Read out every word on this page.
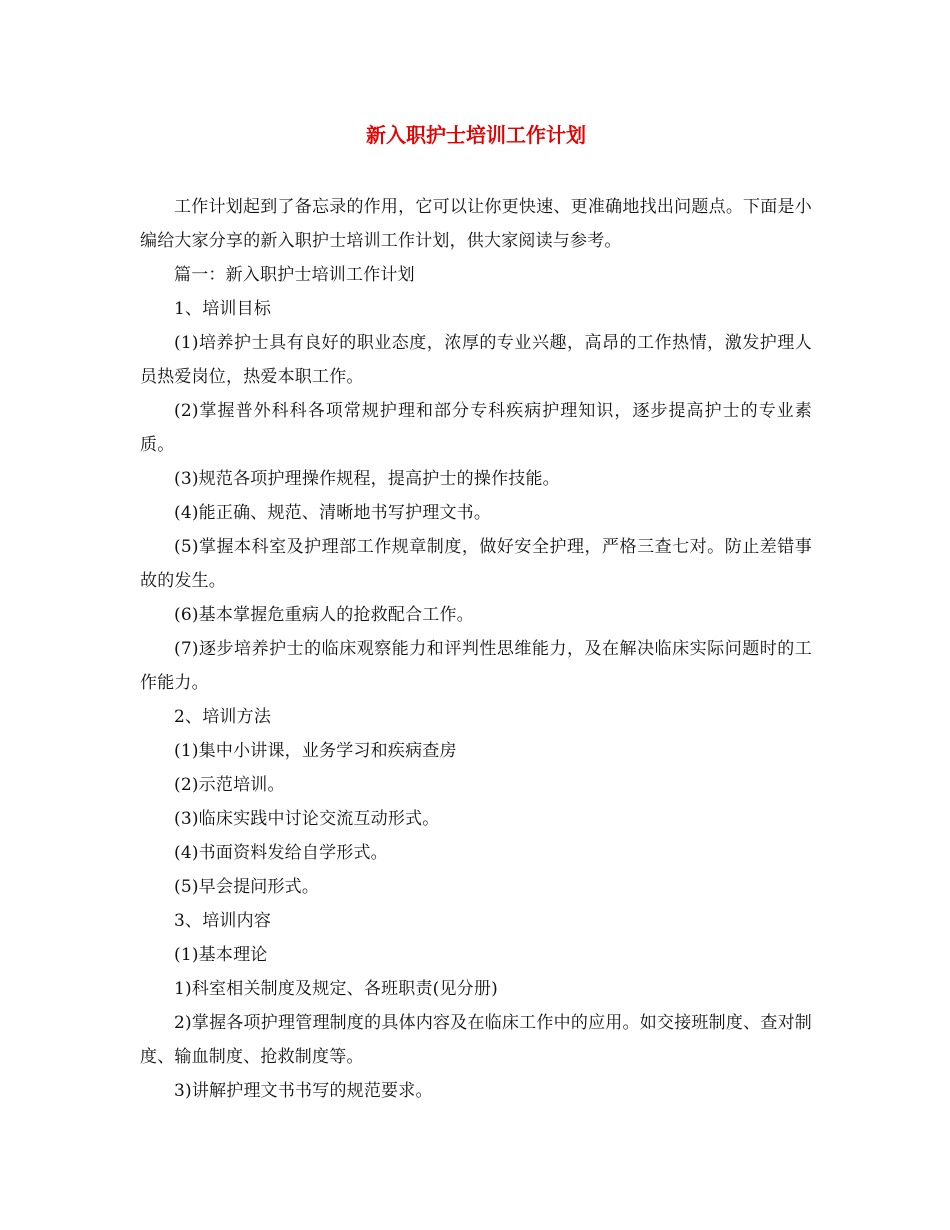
新入职护士培训工作计划

工作计划起到了备忘录的作用，它可以让你更快速、更准确地找出问题点。下面是小编给大家分享的新入职护士培训工作计划，供大家阅读与参考。

篇一：新入职护士培训工作计划

1、培训目标

(1)培养护士具有良好的职业态度，浓厚的专业兴趣，高昂的工作热情，激发护理人员热爱岗位，热爱本职工作。

(2)掌握普外科科各项常规护理和部分专科疾病护理知识，逐步提高护士的专业素质。

(3)规范各项护理操作规程，提高护士的操作技能。

(4)能正确、规范、清晰地书写护理文书。

(5)掌握本科室及护理部工作规章制度，做好安全护理，严格三查七对。防止差错事故的发生。

(6)基本掌握危重病人的抢救配合工作。

(7)逐步培养护士的临床观察能力和评判性思维能力，及在解决临床实际问题时的工作能力。

2、培训方法

(1)集中小讲课，业务学习和疾病查房

(2)示范培训。

(3)临床实践中讨论交流互动形式。

(4)书面资料发给自学形式。

(5)早会提问形式。

3、培训内容

(1)基本理论

1)科室相关制度及规定、各班职责(见分册)

2)掌握各项护理管理制度的具体内容及在临床工作中的应用。如交接班制度、查对制度、输血制度、抢救制度等。

3)讲解护理文书书写的规范要求。
